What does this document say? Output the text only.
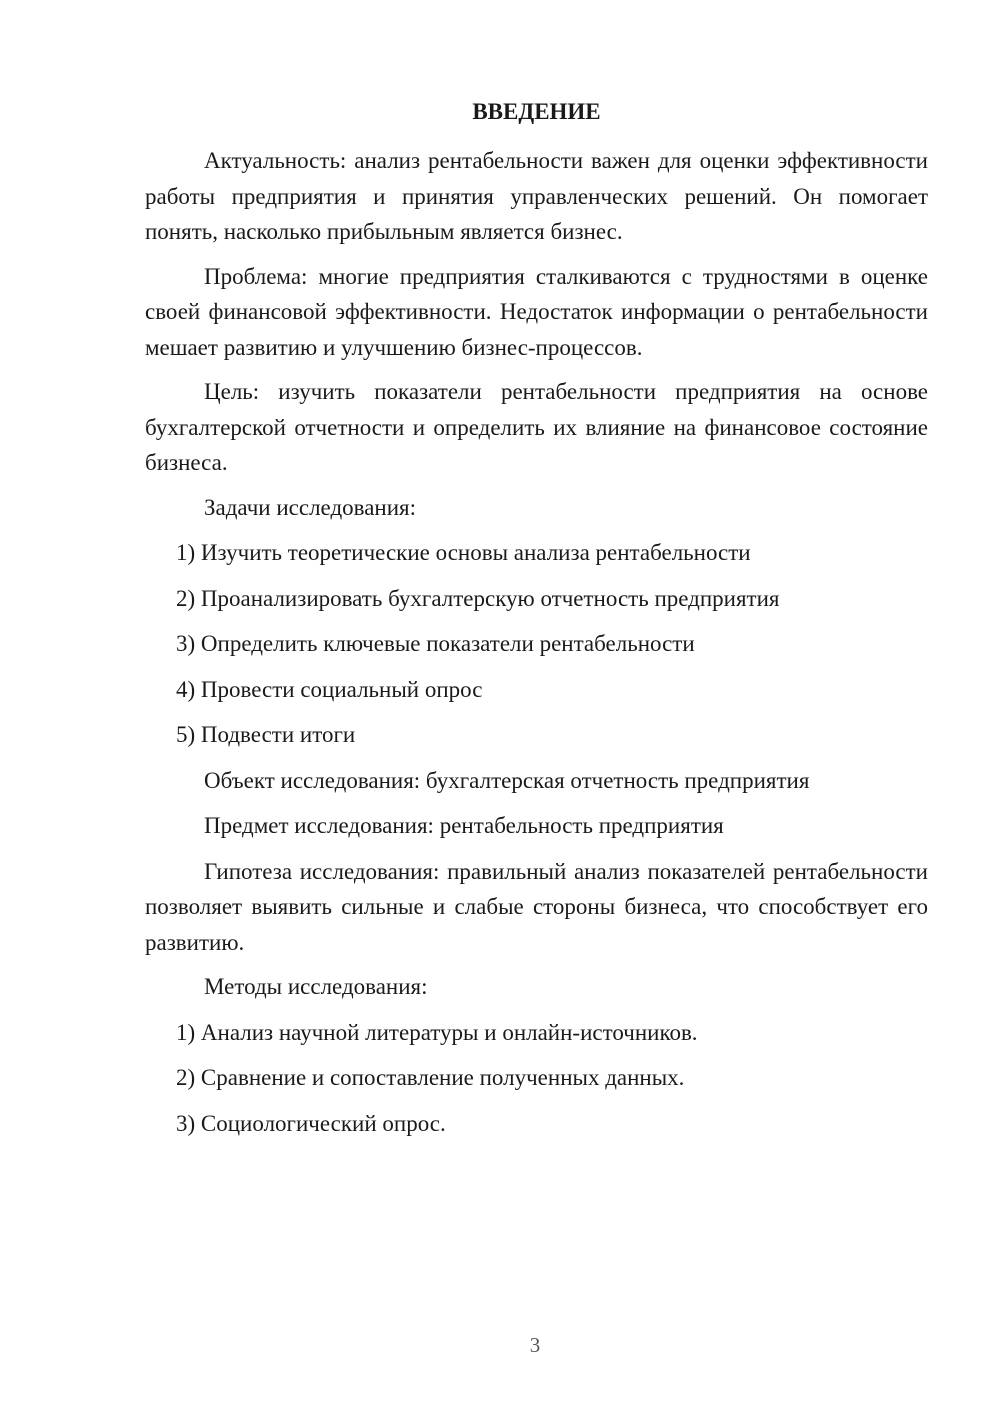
ВВЕДЕНИЕ
Актуальность: анализ рентабельности важен для оценки эффективности работы предприятия и принятия управленческих решений. Он помогает понять, насколько прибыльным является бизнес.
Проблема: многие предприятия сталкиваются с трудностями в оценке своей финансовой эффективности. Недостаток информации о рентабельности мешает развитию и улучшению бизнес-процессов.
Цель: изучить показатели рентабельности предприятия на основе бухгалтерской отчетности и определить их влияние на финансовое состояние бизнеса.
Задачи исследования:
1) Изучить теоретические основы анализа рентабельности
2) Проанализировать бухгалтерскую отчетность предприятия
3) Определить ключевые показатели рентабельности
4) Провести социальный опрос
5) Подвести итоги
Объект исследования: бухгалтерская отчетность предприятия
Предмет исследования: рентабельность предприятия
Гипотеза исследования: правильный анализ показателей рентабельности позволяет выявить сильные и слабые стороны бизнеса, что способствует его развитию.
Методы исследования:
1) Анализ научной литературы и онлайн-источников.
2) Сравнение и сопоставление полученных данных.
3) Социологический опрос.
3
